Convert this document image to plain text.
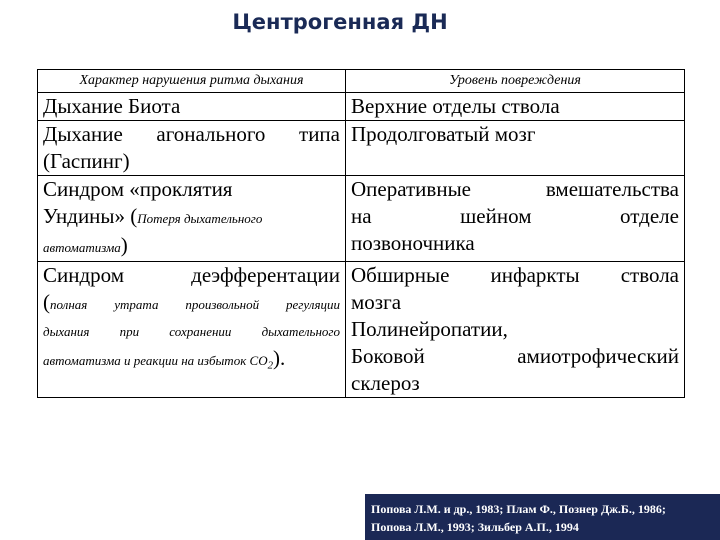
Центрогенная ДН
Характер нарушения ритма дыхания	Уровень повреждения
Дыхание Биота	Верхние отделы ствола

Дыхание агонального типа
(Гаспинг)	Продолговатый мозг

Синдром «проклятия
Ундины» (Потеря дыхательного
автоматизма)	Оперативные вмешательства
на шейном отделе
позвоночника

Синдром деэфферентации
(полная утрата произвольной регуляции
дыхания при сохранении дыхательного
автоматизма и реакции на избыток $CO_2$).	Обширные инфаркты ствола
мозга
Полинейропатии,
Боковой амиотрофический
склероз
Попова Л.М. и др., 1983; Плам Ф., Познер Дж.Б., 1986;
Попова Л.М., 1993; Зильбер А.П., 1994
